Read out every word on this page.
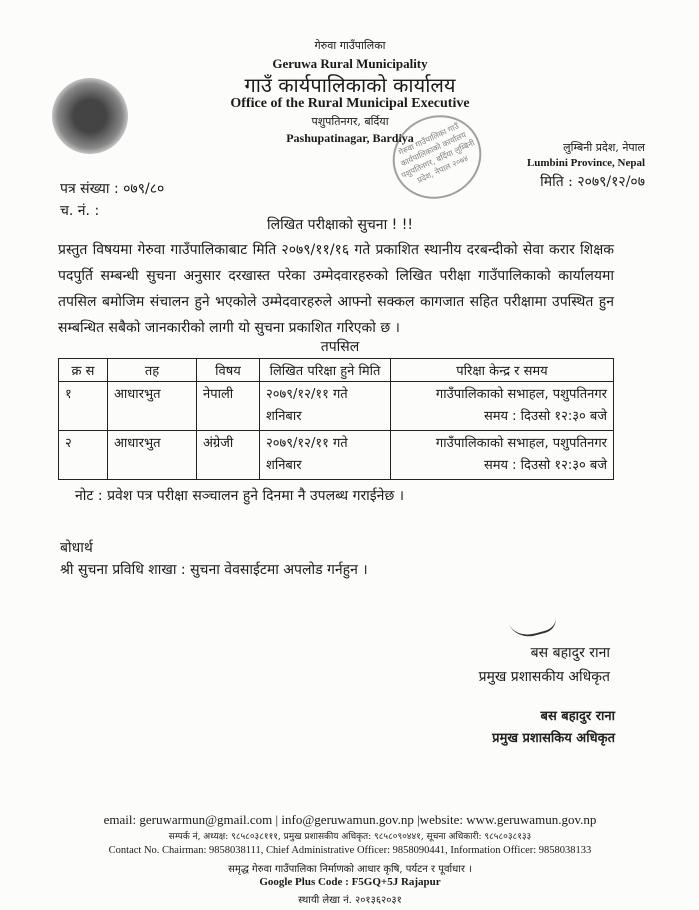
गेरुवा गाउँपालिका
Geruwa Rural Municipality
गाउँ कार्यपालिकाको कार्यालय
Office of the Rural Municipal Executive
पशुपतिनगर, बर्दिया
Pashupatinagar, Bardiya
गेरुवा गाउँपालिका गाउँ कार्यपालिकाको कार्यालय पशुपतिनगर, बर्दिया लुम्बिनी प्रदेश, नेपाल २०७४
लुम्बिनी प्रदेश, नेपाल
Lumbini Province, Nepal
मिति : २०७९/१२/०७
पत्र संख्या : ०७९/८०
च. नं. :
लिखित परीक्षाको सुचना ! !!
प्रस्तुत विषयमा गेरुवा गाउँपालिकाबाट मिति २०७९/११/१६ गते प्रकाशित स्थानीय दरबन्दीको सेवा करार शिक्षक पदपुर्ति सम्बन्धी सुचना अनुसार दरखास्त परेका उम्मेदवारहरुको लिखित परीक्षा गाउँपालिकाको कार्यालयमा तपसिल बमोजिम संचालन हुने भएकोले उम्मेदवारहरुले आफ्नो सक्कल कागजात सहित परीक्षामा उपस्थित हुन सम्बन्धित सबैको जानकारीको लागी यो सुचना प्रकाशित गरिएको छ ।
तपसिल
क्र स	तह	विषय	लिखित परिक्षा हुने मिति	परिक्षा केन्द्र र समय
१	आधारभुत	नेपाली	२०७९/१२/११ गते शनिबार	गाउँपालिकाको सभाहल, पशुपतिनगर
समय : दिउसो १२:३० बजे

२	आधारभुत	अंग्रेजी	२०७९/१२/११ गते शनिबार	गाउँपालिकाको सभाहल, पशुपतिनगर
समय : दिउसो १२:३० बजे
नोट : प्रवेश पत्र परीक्षा सञ्चालन हुने दिनमा नै उपलब्ध गराईनेछ ।
बोधार्थ
श्री सुचना प्रविधि शाखा : सुचना वेवसाईटमा अपलोड गर्नहुन ।
बस बहादुर राना
प्रमुख प्रशासकीय अधिकृत
बस बहादुर राना
प्रमुख प्रशासकिय अधिकृत
email: geruwarmun@gmail.com | info@geruwamun.gov.np |website: www.geruwamun.gov.np
सम्पर्क नं, अध्यक्ष: ९८५८०३८१११, प्रमुख प्रशासकीय अधिकृत: ९८५८०९०४४१, सूचना अधिकारी: ९८५८०३८१३३
Contact No. Chairman: 9858038111, Chief Administrative Officer: 9858090441, Information Officer: 9858038133
समृद्ध गेरुवा गाउँपालिका निर्माणको आधार कृषि, पर्यटन र पूर्वाधार ।
Google Plus Code : F5GQ+5J Rajapur
स्थायी लेखा नं. २०१३६२०३१
